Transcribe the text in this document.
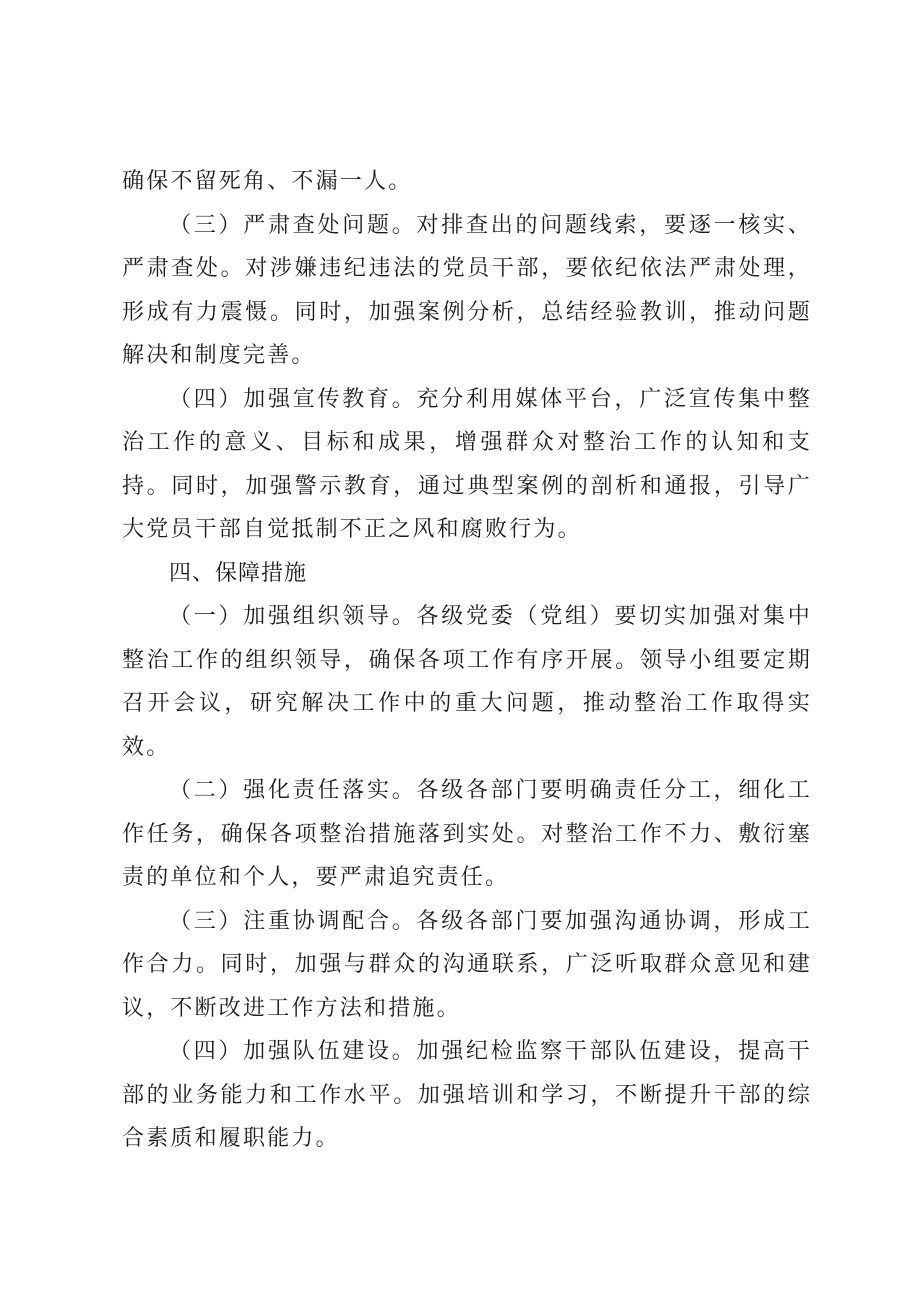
确保不留死角、不漏一人。

（三）严肃查处问题。对排查出的问题线索，要逐一核实、严肃查处。对涉嫌违纪违法的党员干部，要依纪依法严肃处理，形成有力震慑。同时，加强案例分析，总结经验教训，推动问题解决和制度完善。

（四）加强宣传教育。充分利用媒体平台，广泛宣传集中整治工作的意义、目标和成果，增强群众对整治工作的认知和支持。同时，加强警示教育，通过典型案例的剖析和通报，引导广大党员干部自觉抵制不正之风和腐败行为。

四、保障措施

（一）加强组织领导。各级党委（党组）要切实加强对集中整治工作的组织领导，确保各项工作有序开展。领导小组要定期召开会议，研究解决工作中的重大问题，推动整治工作取得实效。

（二）强化责任落实。各级各部门要明确责任分工，细化工作任务，确保各项整治措施落到实处。对整治工作不力、敷衍塞责的单位和个人，要严肃追究责任。

（三）注重协调配合。各级各部门要加强沟通协调，形成工作合力。同时，加强与群众的沟通联系，广泛听取群众意见和建议，不断改进工作方法和措施。

（四）加强队伍建设。加强纪检监察干部队伍建设，提高干部的业务能力和工作水平。加强培训和学习，不断提升干部的综合素质和履职能力。
